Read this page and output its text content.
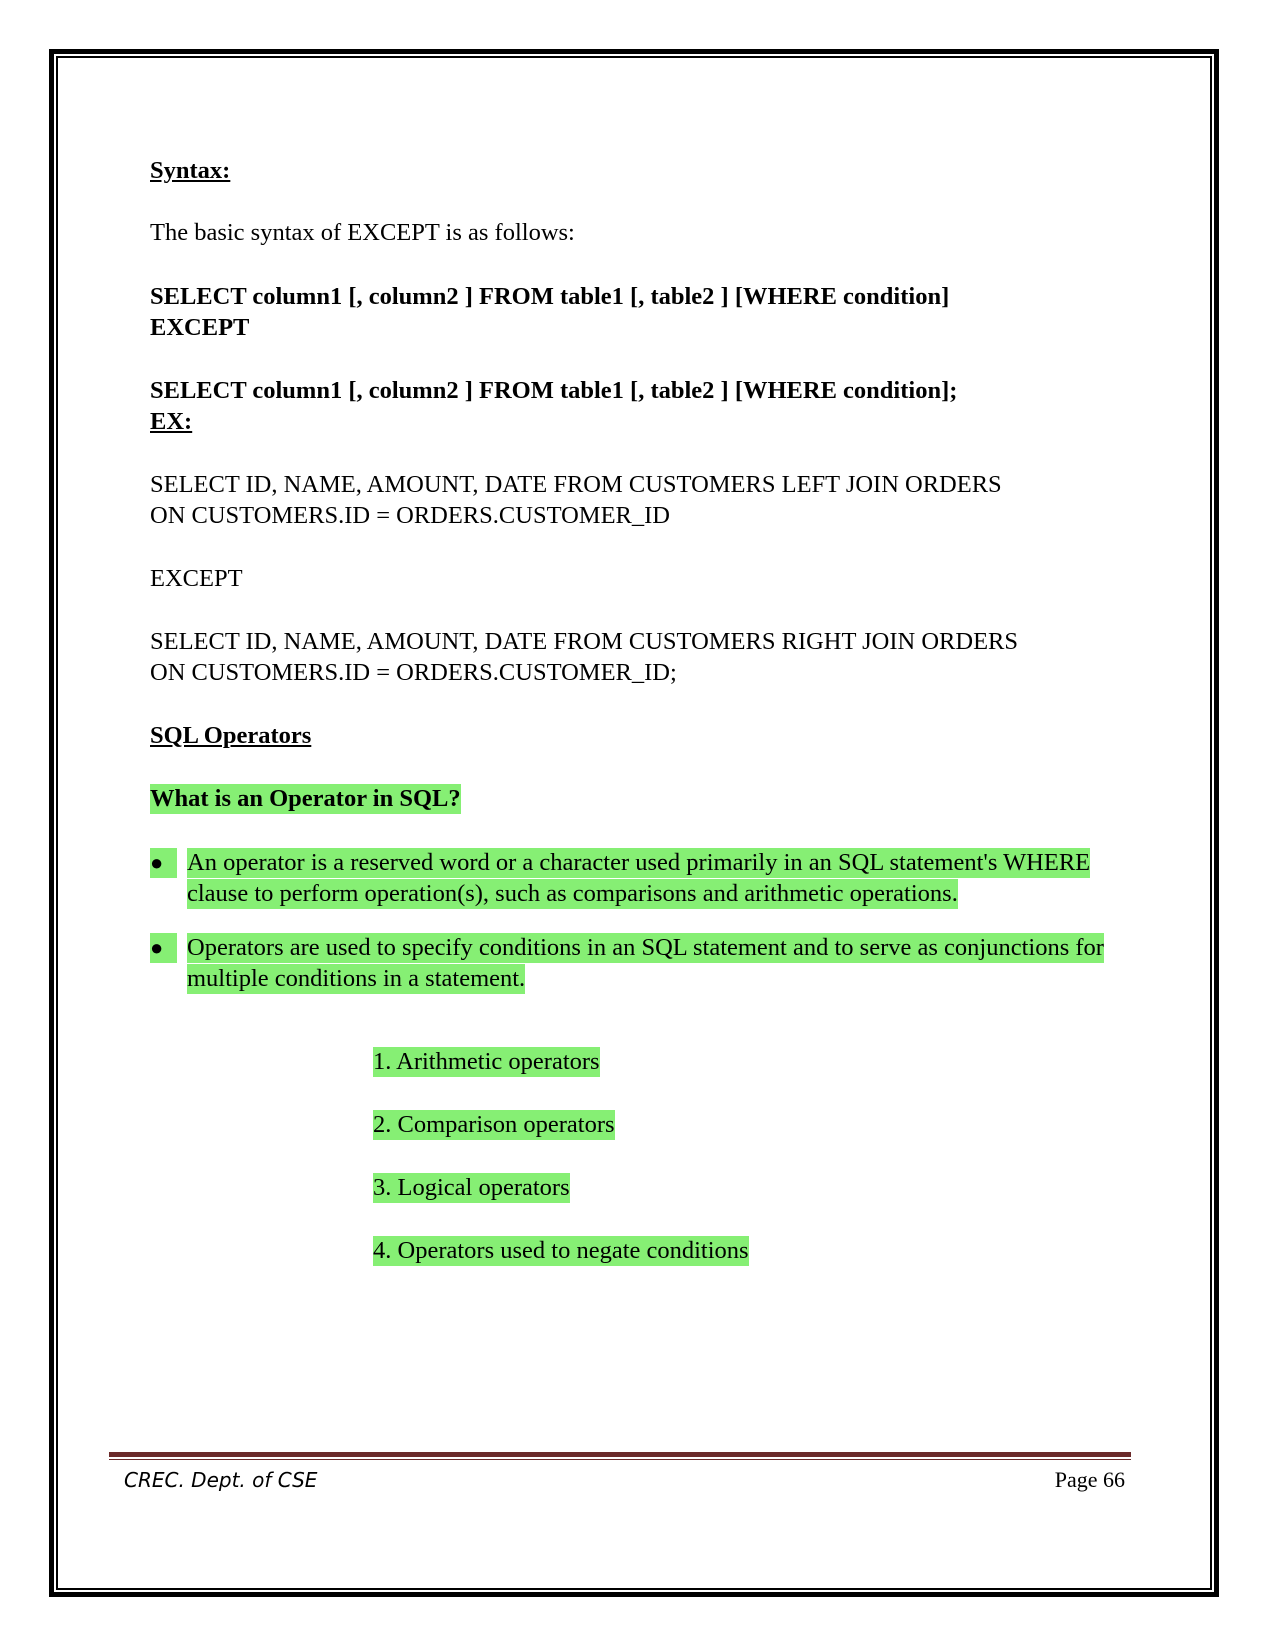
Syntax:
The basic syntax of EXCEPT is as follows:
SELECT column1 [, column2 ] FROM table1 [, table2 ] [WHERE condition]
EXCEPT
SELECT column1 [, column2 ] FROM table1 [, table2 ] [WHERE condition];
EX:
SELECT ID, NAME, AMOUNT, DATE FROM CUSTOMERS LEFT JOIN ORDERS
ON CUSTOMERS.ID = ORDERS.CUSTOMER_ID
EXCEPT
SELECT ID, NAME, AMOUNT, DATE FROM CUSTOMERS RIGHT JOIN ORDERS
ON CUSTOMERS.ID = ORDERS.CUSTOMER_ID;
SQL Operators
What is an Operator in SQL?
● An operator is a reserved word or a character used primarily in an SQL statement's WHERE
clause to perform operation(s), such as comparisons and arithmetic operations.
● Operators are used to specify conditions in an SQL statement and to serve as conjunctions for
multiple conditions in a statement.
1. Arithmetic operators
2. Comparison operators
3. Logical operators
4. Operators used to negate conditions
CREC. Dept. of CSE	Page 66
